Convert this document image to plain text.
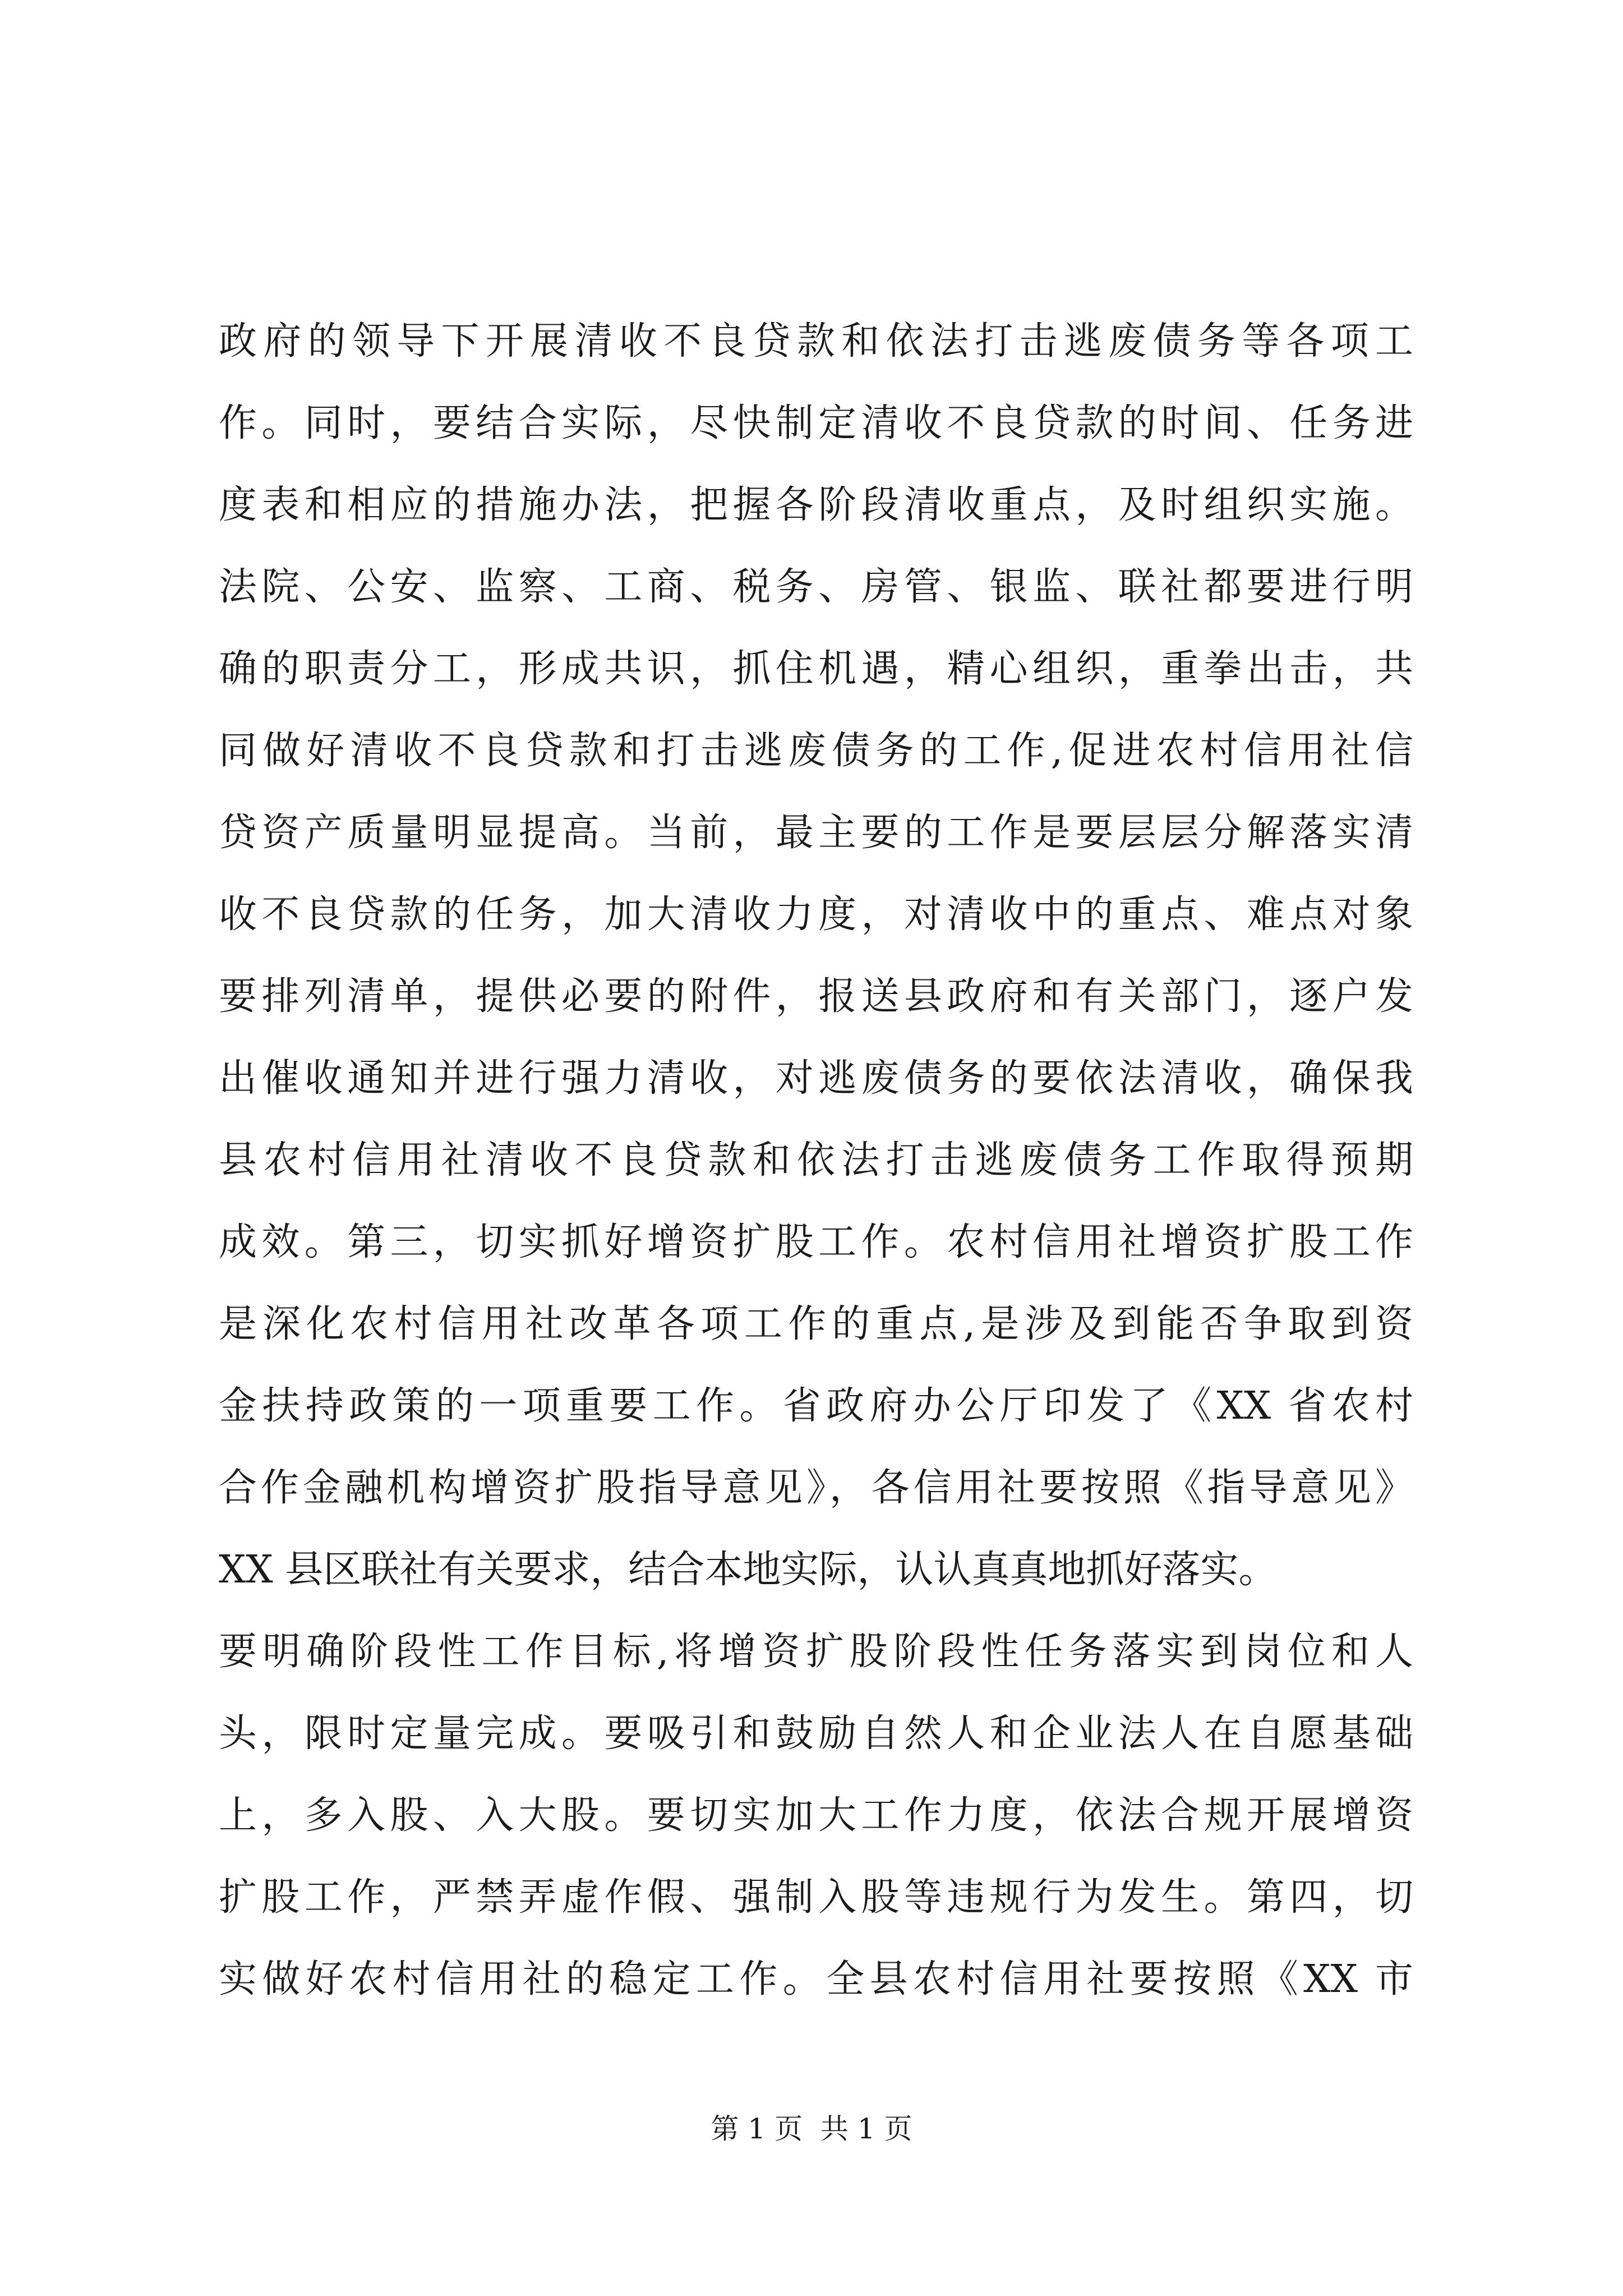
政府的领导下开展清收不良贷款和依法打击逃废债务等各项工
作。同时，要结合实际，尽快制定清收不良贷款的时间、任务进
度表和相应的措施办法，把握各阶段清收重点，及时组织实施。
法院、公安、监察、工商、税务、房管、银监、联社都要进行明
确的职责分工，形成共识，抓住机遇，精心组织，重拳出击，共
同做好清收不良贷款和打击逃废债务的工作,促进农村信用社信
贷资产质量明显提高。当前，最主要的工作是要层层分解落实清
收不良贷款的任务，加大清收力度，对清收中的重点、难点对象
要排列清单，提供必要的附件，报送县政府和有关部门，逐户发
出催收通知并进行强力清收，对逃废债务的要依法清收，确保我
县农村信用社清收不良贷款和依法打击逃废债务工作取得预期
成效。第三，切实抓好增资扩股工作。农村信用社增资扩股工作
是深化农村信用社改革各项工作的重点,是涉及到能否争取到资
金扶持政策的一项重要工作。省政府办公厅印发了《XX 省农村
合作金融机构增资扩股指导意见》，各信用社要按照《指导意见》
XX 县区联社有关要求，结合本地实际，认认真真地抓好落实。
要明确阶段性工作目标,将增资扩股阶段性任务落实到岗位和人
头，限时定量完成。要吸引和鼓励自然人和企业法人在自愿基础
上，多入股、入大股。要切实加大工作力度，依法合规开展增资
扩股工作，严禁弄虚作假、强制入股等违规行为发生。第四，切
实做好农村信用社的稳定工作。全县农村信用社要按照《XX 市
第 1 页  共 1 页
